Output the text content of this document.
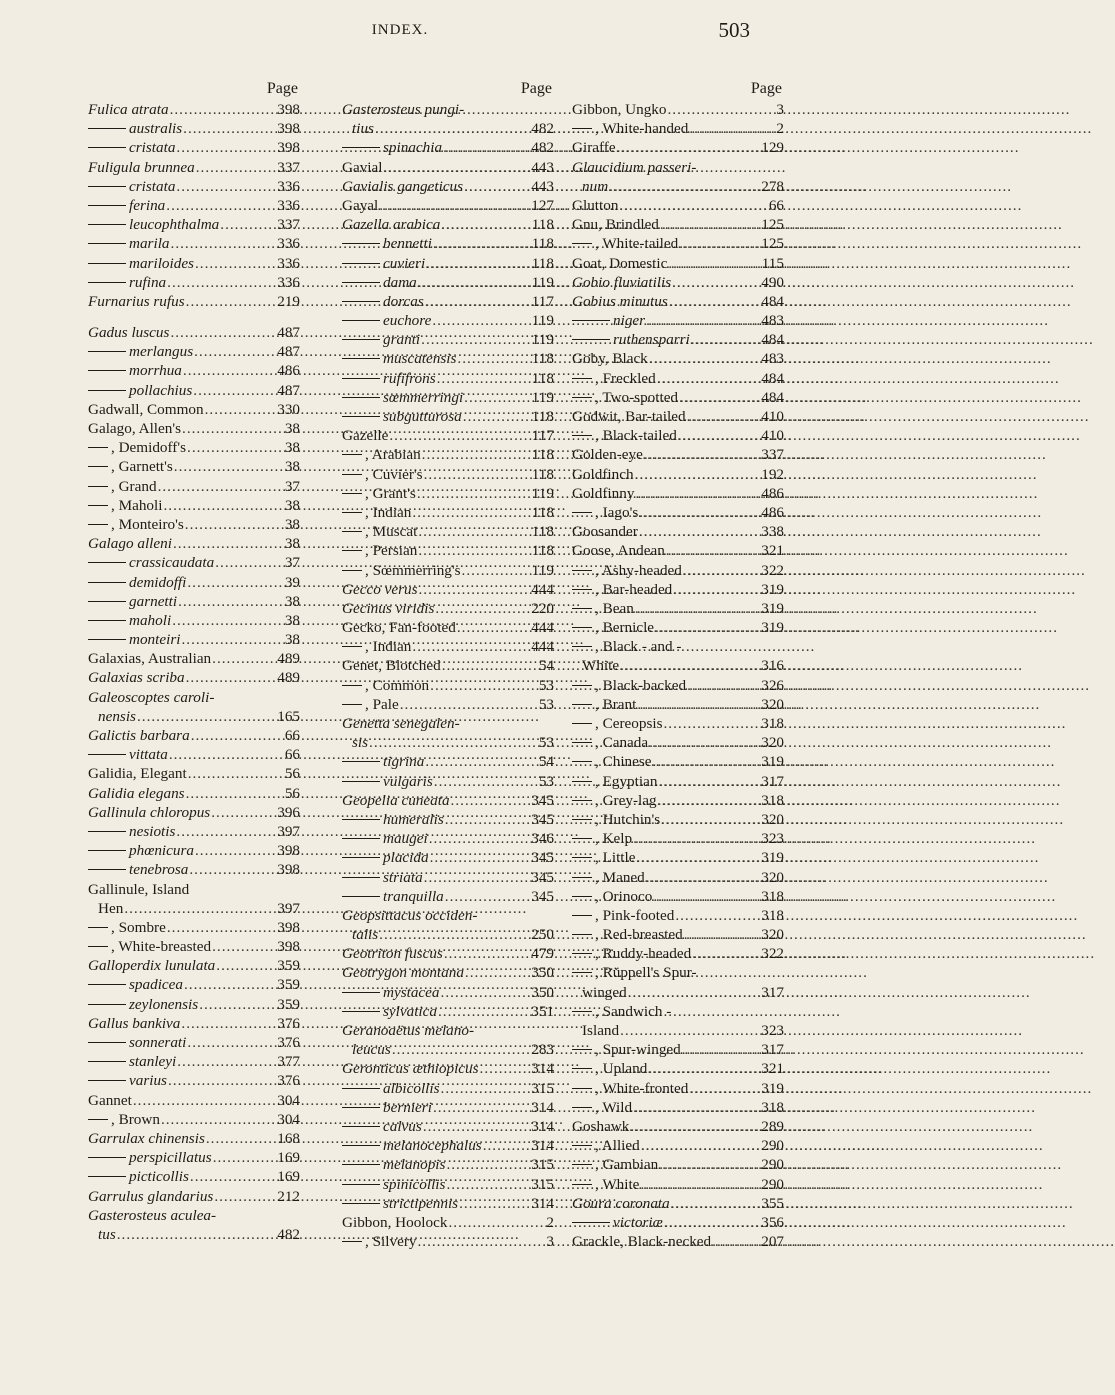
INDEX.	503
Page
Fulica atrata .....	398
australis .....	398
cristata .....	398
Fuligula brunnea .....	337
cristata .....	336
ferina .....	336
leucophthalma .....	337
marila .....	336
mariloides .....	336
rufina .....	336
Furnarius rufus .....	219
Gadus luscus .....	487
merlangus .....	487
morrhua .....	486
pollachius .....	487
Gadwall, Common .....	330
Galago, Allen's .....	38
, Demidoff's .....	38
, Garnett's .....	38
, Grand .....	37
, Maholi .....	38
, Monteiro's .....	38
Galago alleni .....	38
crassicaudata .....	37
demidoffi .....	39
garnetti .....	38
maholi .....	38
monteiri .....	38
Galaxias, Australian .....	489
Galaxias scriba .....	489
Galeoscoptes caroli-
nensis .....	165
Galictis barbara .....	66
vittata .....	66
Galidia, Elegant .....	56
Galidia elegans .....	56
Gallinula chloropus .....	396
nesiotis .....	397
phœnicura .....	398
tenebrosa .....	398
Gallinule, Island
Hen .....	397
, Sombre .....	398
, White-breasted .....	398
Galloperdix lunulata .....	359
spadicea .....	359
zeylonensis .....	359
Gallus bankiva .....	376
sonnerati .....	376
stanleyi .....	377
varius .....	376
Gannet .....	304
, Brown .....	304
Garrulax chinensis .....	168
perspicillatus .....	169
picticollis .....	169
Garrulus glandarius .....	212
Gasterosteus aculea-
tus .....	482
Page
Gasterosteus pungi-
tius .....	482
spinachia .....	482
Gavial .....	443
Gavialis gangeticus .....	443
Gayal .....	127
Gazella arabica .....	118
bennetti .....	118
cuvieri .....	118
dama .....	119
dorcas .....	117
euchore .....	119
granti .....	119
muscatensis .....	118
rufifrons .....	118
sœmmerringi .....	119
subgutturosa .....	118
Gazelle .....	117
, Arabian .....	118
, Cuvier's .....	118
, Grant's .....	119
, Indian .....	118
, Muscat .....	118
, Persian .....	118
, Sœmmerring's .....	119
Gecco verus .....	444
Gecinus viridis .....	220
Gecko, Fan-footed .....	444
, Indian .....	444
Genet, Blotched .....	54
, Common .....	53
, Pale .....	53
Genetta senegalen-
sis .....	53
tigrina .....	54
vulgaris .....	53
Geopelia cuneata .....	345
humeralis .....	345
maugei .....	346
placida .....	345
striata .....	345
tranquilla .....	345
Geopsittacus occiden-
talis .....	250
Geotriton fuscus .....	479
Geotrygon montana .....	350
mystacea .....	350
sylvatica .....	351
Geranoaëtus melano-
leucus .....	283
Geronticus æthiopicus .....	314
albicollis .....	315
bernieri .....	314
calvus .....	314
melanocephalus .....	314
melanopis .....	315
spinicollis .....	315
strictipennis .....	314
Gibbon, Hoolock .....	2
, Silvery .....	3
Page
Gibbon, Ungko .....	3
, White-handed .....	2
Giraffe .....	129
Glaucidium passeri-
num .....	278
Glutton .....	66
Gnu, Brindled .....	125
, White-tailed .....	125
Goat, Domestic .....	115
Gobio fluviatilis .....	490
Gobius minutus .....	484
niger .....	483
ruthensparri .....	484
Goby, Black .....	483
, Freckled .....	484
, Two-spotted .....	484
Godwit, Bar-tailed .....	410
, Black-tailed .....	410
Golden-eye .....	337
Goldfinch .....	192
Goldfinny .....	486
, Iago's .....	486
Goosander .....	338
Goose, Andean .....	321
, Ashy-headed .....	322
, Bar-headed .....	319
, Bean .....	319
, Bernicle .....	319
, Black - and -
White .....	316
, Black-backed .....	326
, Brant .....	320
, Cereopsis .....	318
, Canada .....	320
, Chinese .....	319
, Egyptian .....	317
, Grey-lag .....	318
, Hutchin's .....	320
, Kelp .....	323
, Little .....	319
, Maned .....	320
, Orinoco .....	318
, Pink-footed .....	318
, Red-breasted .....	320
, Ruddy-headed .....	322
, Rüppell's Spur-
winged .....	317
, Sandwich -
Island .....	323
, Spur-winged .....	317
, Upland .....	321
, White-fronted .....	319
, Wild .....	318
Goshawk .....	289
, Allied .....	290
, Gambian .....	290
, White .....	290
Goura coronata .....	355
victoriæ .....	356
Grackle, Black-necked .....	207
